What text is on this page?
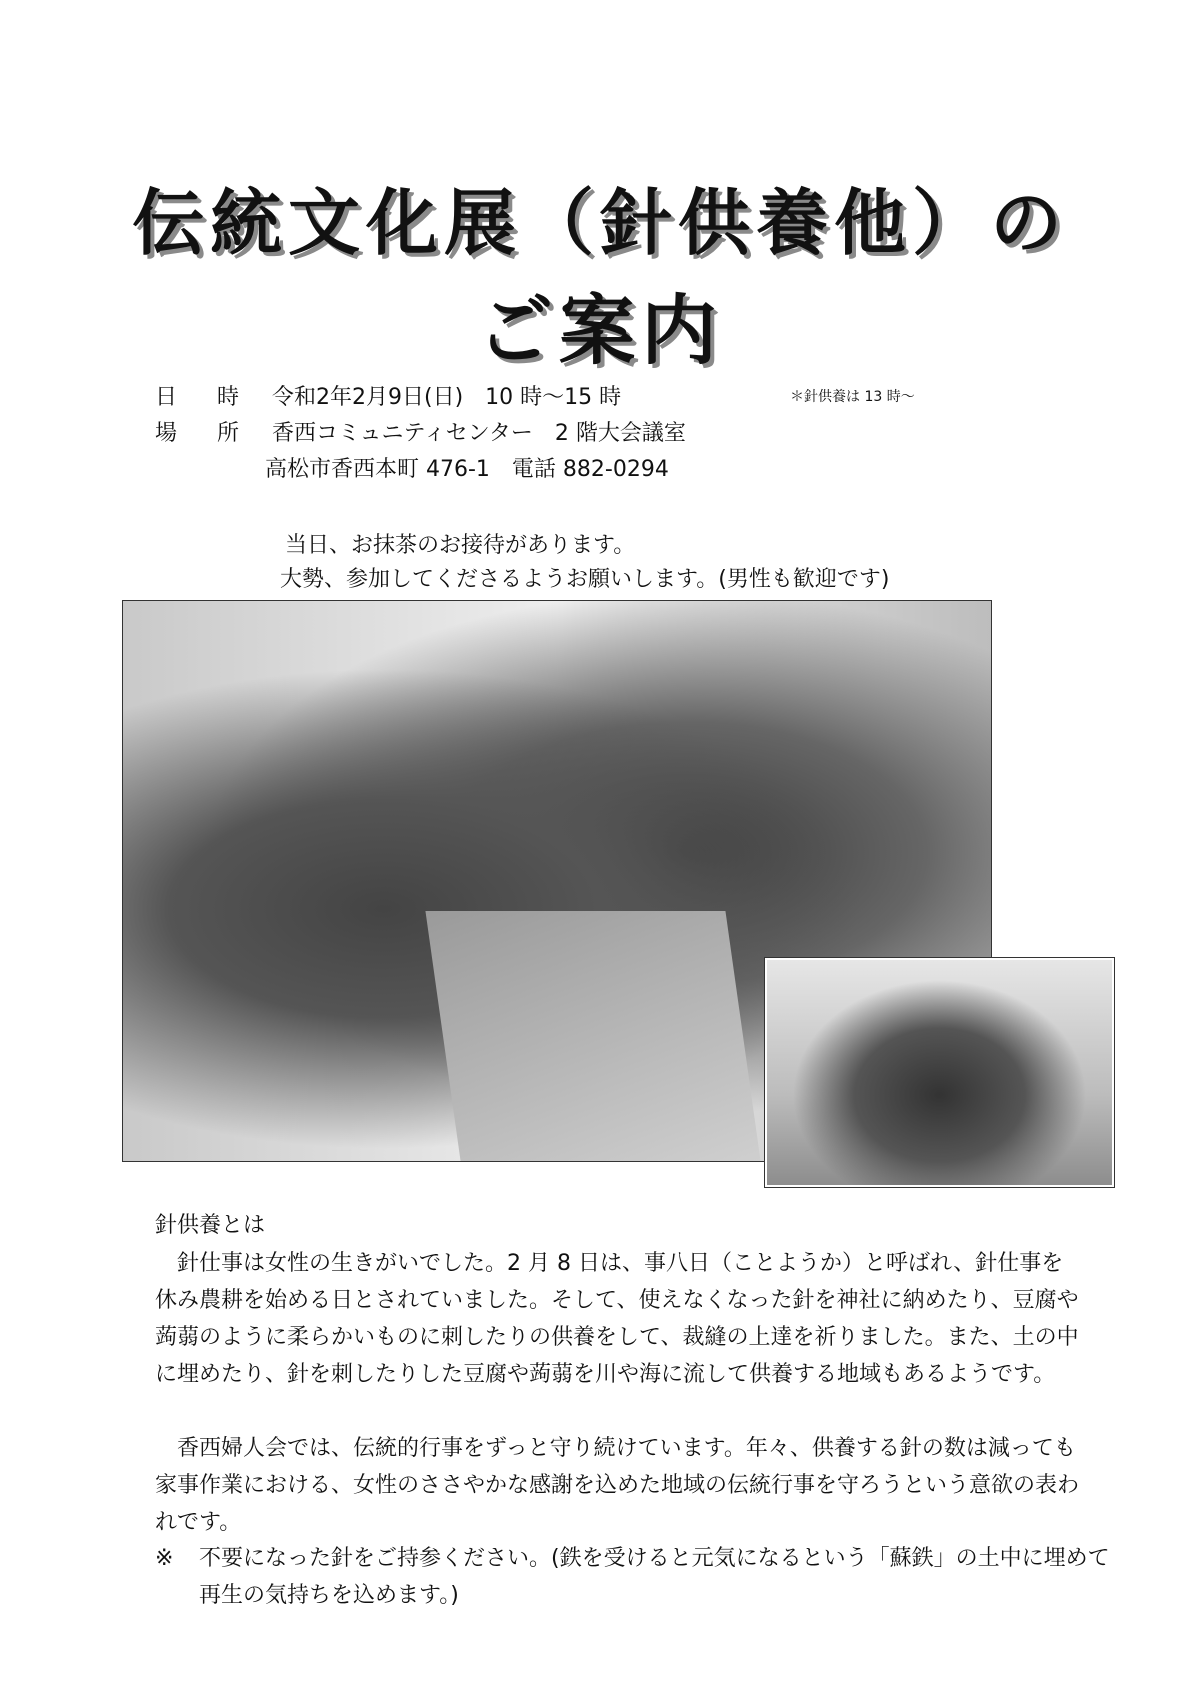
伝統文化展（針供養他）の
ご案内
日時 令和2年2月9日(日)　10 時～15 時	＊針供養は 13 時～
場所 香西コミュニティセンター　2 階大会議室
高松市香西本町 476-1　電話 882-0294
当日、お抹茶のお接待があります。
大勢、参加してくださるようお願いします。(男性も歓迎です)
針供養とは
針仕事は女性の生きがいでした。2 月 8 日は、事八日（ことようか）と呼ばれ、針仕事を休み農耕を始める日とされていました。そして、使えなくなった針を神社に納めたり、豆腐や蒟蒻のように柔らかいものに刺したりの供養をして、裁縫の上達を祈りました。また、土の中に埋めたり、針を刺したりした豆腐や蒟蒻を川や海に流して供養する地域もあるようです。
香西婦人会では、伝統的行事をずっと守り続けています。年々、供養する針の数は減っても家事作業における、女性のささやかな感謝を込めた地域の伝統行事を守ろうという意欲の表われです。
※ 不要になった針をご持参ください。(鉄を受けると元気になるという「蘇鉄」の土中に埋めて再生の気持ちを込めます。)
